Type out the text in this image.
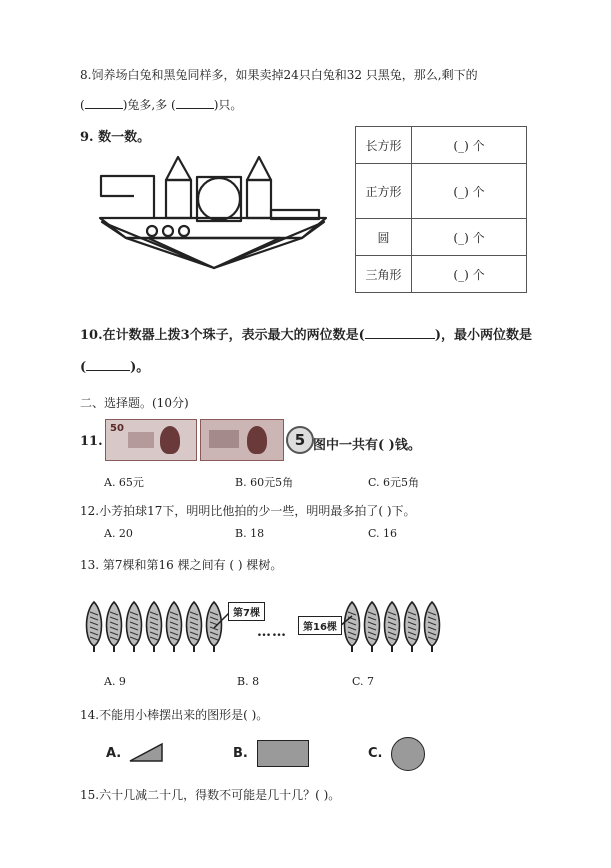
8.饲养场白兔和黑兔同样多，如果卖掉24只白兔和32 只黑兔，那么,剩下的
(	)兔多,多 (	)只。
9. 数一数。
长方形	(_) 个
正方形	(_) 个
圆	(_) 个
三角形	(_) 个
10.在计数器上拨3个珠子，表示最大的两位数是(	)，最小两位数是
(	)。
二、选择题。(10分)
11.
50
5 图中一共有( )钱。
A. 65元	B. 60元5角	C. 6元5角
12.小芳拍球17下，明明比他拍的少一些，明明最多拍了( )下。
A. 20	B. 18	C. 16
13. 第7棵和第16 棵之间有 ( ) 棵树。
第7棵
第16棵
……
A. 9	B. 8	C. 7
14.不能用小棒摆出来的图形是( )。
A.	B.	C.
15.六十几减二十几，得数不可能是几十几？( )。
